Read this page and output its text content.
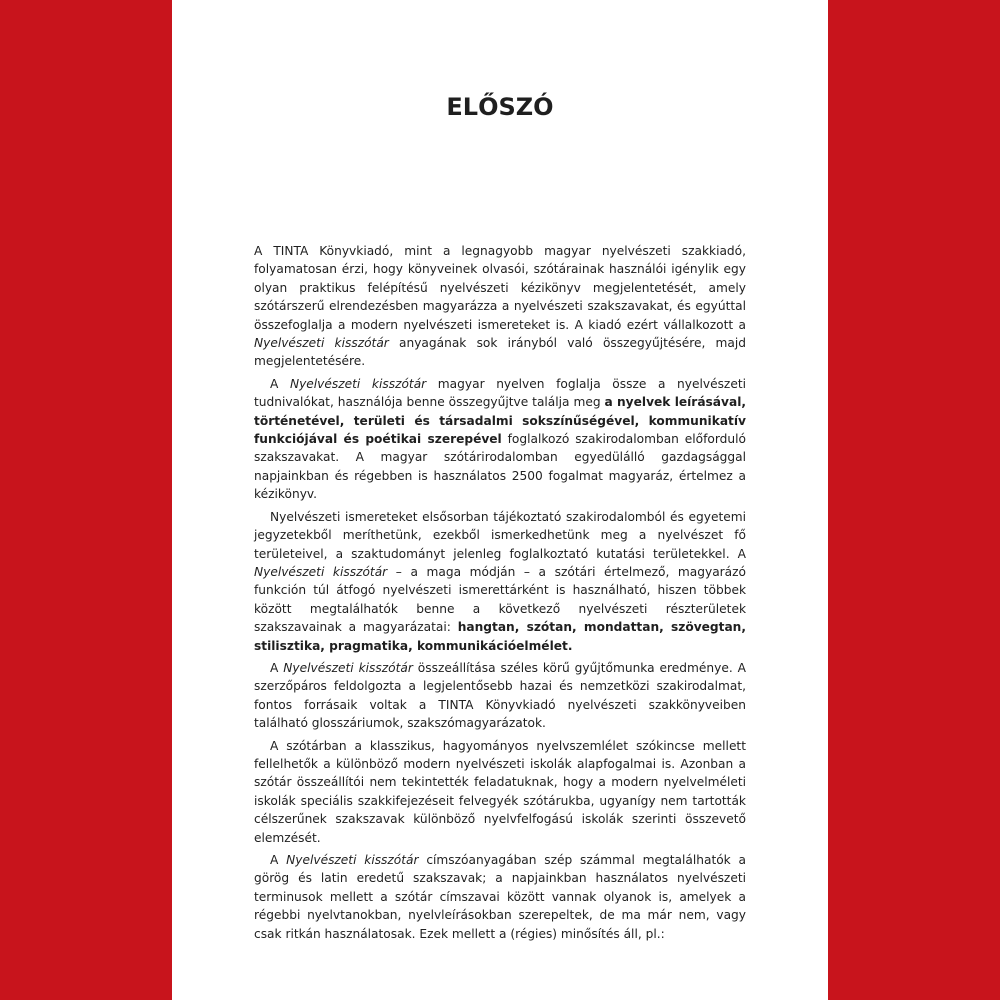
ELŐSZÓ

A TINTA Könyvkiadó, mint a legnagyobb magyar nyelvészeti szakkiadó, folyamatosan érzi, hogy könyveinek olvasói, szótárainak használói igénylik egy olyan praktikus felépítésű nyelvészeti kézikönyv megjelentetését, amely szótárszerű elrendezésben magyarázza a nyelvészeti szakszavakat, és egyúttal összefoglalja a modern nyelvészeti ismereteket is. A kiadó ezért vállalkozott a Nyelvészeti kisszótár anyagának sok irányból való összegyűjtésére, majd megjelentetésére.

A Nyelvészeti kisszótár magyar nyelven foglalja össze a nyelvészeti tudnivalókat, használója benne összegyűjtve találja meg a nyelvek leírásával, történetével, területi és társadalmi sokszínűségével, kommunikatív funkciójával és poétikai szerepével foglalkozó szakirodalomban előforduló szakszavakat. A magyar szótárirodalomban egyedülálló gazdagsággal napjainkban és régebben is használatos 2500 fogalmat magyaráz, értelmez a kézikönyv.

Nyelvészeti ismereteket elsősorban tájékoztató szakirodalomból és egyetemi jegyzetekből meríthetünk, ezekből ismerkedhetünk meg a nyelvészet fő területeivel, a szaktudományt jelenleg foglalkoztató kutatási területekkel. A Nyelvészeti kisszótár – a maga módján – a szótári értelmező, magyarázó funkción túl átfogó nyelvészeti ismerettárként is használható, hiszen többek között megtalálhatók benne a következő nyelvészeti részterületek szakszavainak a magyarázatai: hangtan, szótan, mondattan, szövegtan, stilisztika, pragmatika, kommunikációelmélet.

A Nyelvészeti kisszótár összeállítása széles körű gyűjtőmunka eredménye. A szerzőpáros feldolgozta a legjelentősebb hazai és nemzetközi szakirodalmat, fontos forrásaik voltak a TINTA Könyvkiadó nyelvészeti szakkönyveiben található glosszáriumok, szakszómagyarázatok.

A szótárban a klasszikus, hagyományos nyelvszemlélet szókincse mellett fellelhetők a különböző modern nyelvészeti iskolák alapfogalmai is. Azonban a szótár összeállítói nem tekintették feladatuknak, hogy a modern nyelvelméleti iskolák speciális szakkifejezéseit felvegyék szótárukba, ugyanígy nem tartották célszerűnek szakszavak különböző nyelvfelfogású iskolák szerinti összevető elemzését.

A Nyelvészeti kisszótár címszóanyagában szép számmal megtalálhatók a görög és latin eredetű szakszavak; a napjainkban használatos nyelvészeti terminusok mellett a szótár címszavai között vannak olyanok is, amelyek a régebbi nyelvtanokban, nyelvleírásokban szerepeltek, de ma már nem, vagy csak ritkán használatosak. Ezek mellett a (régies) minősítés áll, pl.:
